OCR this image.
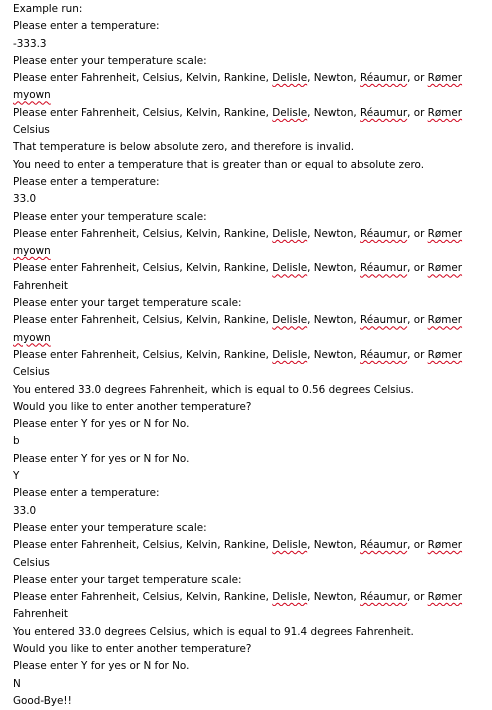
Example run:
Please enter a temperature:
-333.3
Please enter your temperature scale:
Please enter Fahrenheit, Celsius, Kelvin, Rankine, Delisle, Newton, Réaumur, or Rømer
myown
Please enter Fahrenheit, Celsius, Kelvin, Rankine, Delisle, Newton, Réaumur, or Rømer
Celsius
That temperature is below absolute zero, and therefore is invalid.
You need to enter a temperature that is greater than or equal to absolute zero.
Please enter a temperature:
33.0
Please enter your temperature scale:
Please enter Fahrenheit, Celsius, Kelvin, Rankine, Delisle, Newton, Réaumur, or Rømer
myown
Please enter Fahrenheit, Celsius, Kelvin, Rankine, Delisle, Newton, Réaumur, or Rømer
Fahrenheit
Please enter your target temperature scale:
Please enter Fahrenheit, Celsius, Kelvin, Rankine, Delisle, Newton, Réaumur, or Rømer
myown
Please enter Fahrenheit, Celsius, Kelvin, Rankine, Delisle, Newton, Réaumur, or Rømer
Celsius
You entered 33.0 degrees Fahrenheit, which is equal to 0.56 degrees Celsius.
Would you like to enter another temperature?
Please enter Y for yes or N for No.
b
Please enter Y for yes or N for No.
Y
Please enter a temperature:
33.0
Please enter your temperature scale:
Please enter Fahrenheit, Celsius, Kelvin, Rankine, Delisle, Newton, Réaumur, or Rømer
Celsius
Please enter your target temperature scale:
Please enter Fahrenheit, Celsius, Kelvin, Rankine, Delisle, Newton, Réaumur, or Rømer
Fahrenheit
You entered 33.0 degrees Celsius, which is equal to 91.4 degrees Fahrenheit.
Would you like to enter another temperature?
Please enter Y for yes or N for No.
N
Good-Bye!!
